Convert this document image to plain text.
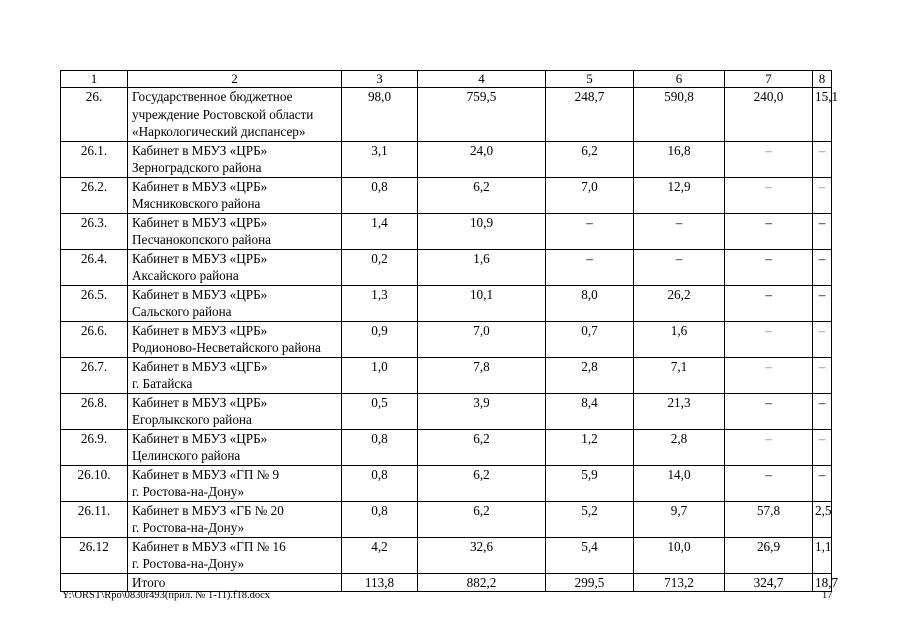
1	2	3	4	5	6	7	8
26.	Государственное бюджетное
учреждение Ростовской области
«Наркологический диспансер»	98,0	759,5	248,7	590,8	240,0	15,1
26.1.	Кабинет в МБУЗ «ЦРБ»
Зерноградского района	3,1	24,0	6,2	16,8	–	–
26.2.	Кабинет в МБУЗ «ЦРБ»
Мясниковского района	0,8	6,2	7,0	12,9	–	–
26.3.	Кабинет в МБУЗ «ЦРБ»
Песчанокопского района	1,4	10,9	–	–	–	–
26.4.	Кабинет в МБУЗ «ЦРБ»
Аксайского района	0,2	1,6	–	–	–	–
26.5.	Кабинет в МБУЗ «ЦРБ»
Сальского района	1,3	10,1	8,0	26,2	–	–
26.6.	Кабинет в МБУЗ «ЦРБ»
Родионово-Несветайского района	0,9	7,0	0,7	1,6	–	–
26.7.	Кабинет в МБУЗ «ЦГБ»
г. Батайска	1,0	7,8	2,8	7,1	–	–
26.8.	Кабинет в МБУЗ «ЦРБ»
Егорлыкского района	0,5	3,9	8,4	21,3	–	–
26.9.	Кабинет в МБУЗ «ЦРБ»
Целинского района	0,8	6,2	1,2	2,8	–	–
26.10.	Кабинет в МБУЗ «ГП № 9
г. Ростова-на-Дону»	0,8	6,2	5,9	14,0	–	–
26.11.	Кабинет в МБУЗ «ГБ № 20
г. Ростова-на-Дону»	0,8	6,2	5,2	9,7	57,8	2,5
26.12	Кабинет в МБУЗ «ГП № 16
г. Ростова-на-Дону»	4,2	32,6	5,4	10,0	26,9	1,1
	Итого	113,8	882,2	299,5	713,2	324,7	18,7
Y:\ORST\Rpo\0830r493(прил. № 1-11).f18.docx	17
